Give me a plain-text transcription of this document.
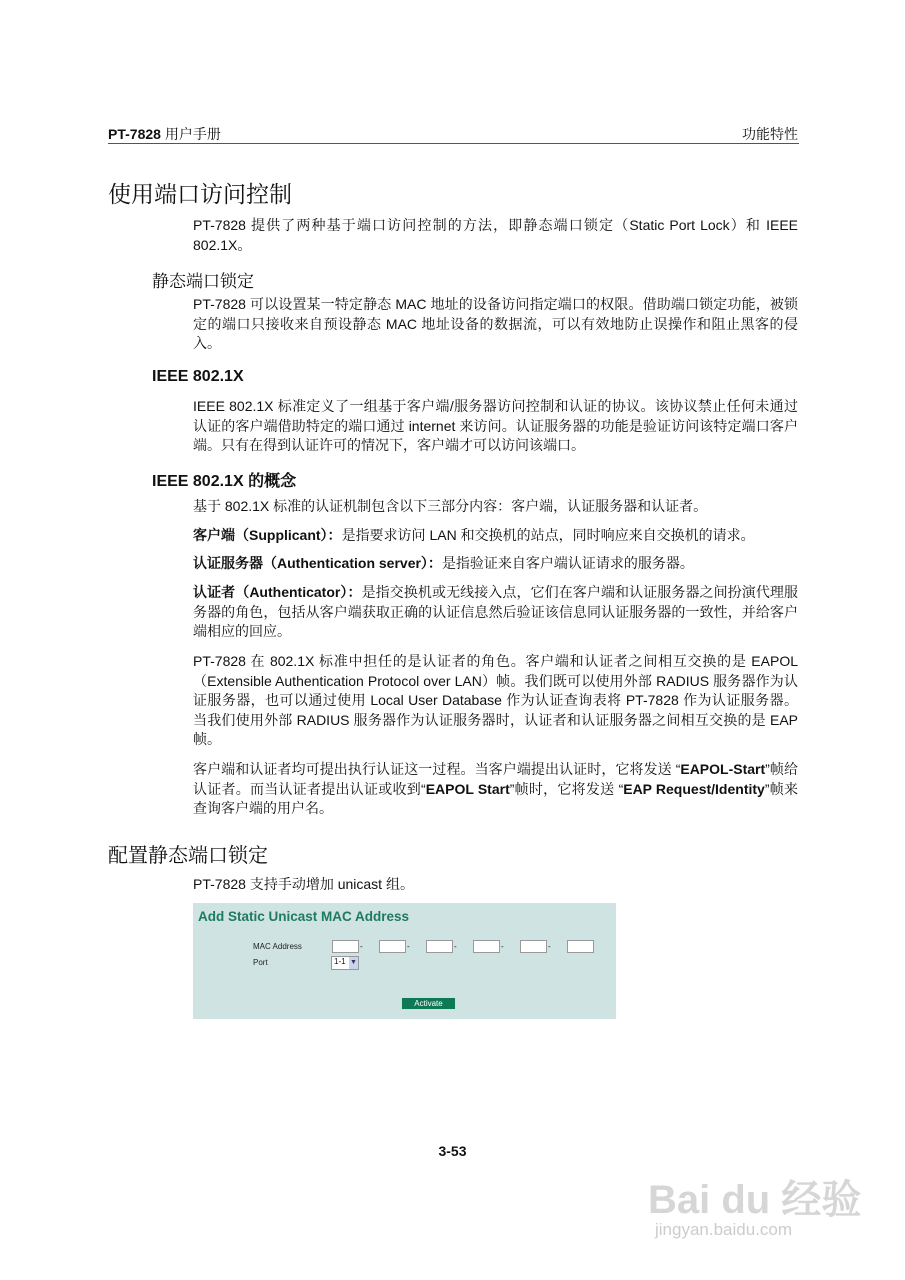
PT-7828 用户手册	功能特性
使用端口访问控制
PT-7828 提供了两种基于端口访问控制的方法，即静态端口锁定（Static Port Lock）和 IEEE 802.1X。
静态端口锁定
PT-7828 可以设置某一特定静态 MAC 地址的设备访问指定端口的权限。借助端口锁定功能，被锁定的端口只接收来自预设静态 MAC 地址设备的数据流，可以有效地防止误操作和阻止黑客的侵入。
IEEE 802.1X
IEEE 802.1X 标准定义了一组基于客户端/服务器访问控制和认证的协议。该协议禁止任何未通过认证的客户端借助特定的端口通过 internet 来访问。认证服务器的功能是验证访问该特定端口客户端。只有在得到认证许可的情况下，客户端才可以访问该端口。
IEEE 802.1X 的概念
基于 802.1X 标准的认证机制包含以下三部分内容：客户端，认证服务器和认证者。
客户端（Supplicant）：是指要求访问 LAN 和交换机的站点，同时响应来自交换机的请求。
认证服务器（Authentication server）：是指验证来自客户端认证请求的服务器。
认证者（Authenticator）：是指交换机或无线接入点，它们在客户端和认证服务器之间扮演代理服务器的角色，包括从客户端获取正确的认证信息然后验证该信息同认证服务器的一致性，并给客户端相应的回应。
PT-7828 在 802.1X 标准中担任的是认证者的角色。客户端和认证者之间相互交换的是 EAPOL（Extensible Authentication Protocol over LAN）帧。我们既可以使用外部 RADIUS 服务器作为认证服务器，也可以通过使用 Local User Database 作为认证查询表将 PT-7828 作为认证服务器。当我们使用外部 RADIUS 服务器作为认证服务器时，认证者和认证服务器之间相互交换的是 EAP 帧。
客户端和认证者均可提出执行认证这一过程。当客户端提出认证时，它将发送 “EAPOL-Start”帧给认证者。而当认证者提出认证或收到“EAPOL Start”帧时，它将发送 “EAP Request/Identity”帧来查询客户端的用户名。
配置静态端口锁定
PT-7828 支持手动增加 unicast 组。
Add Static Unicast MAC Address
MAC Address	-	-	-	-	-
Port	1-1 ▼
Activate
3-53
Bai du 经验
jingyan.baidu.com
